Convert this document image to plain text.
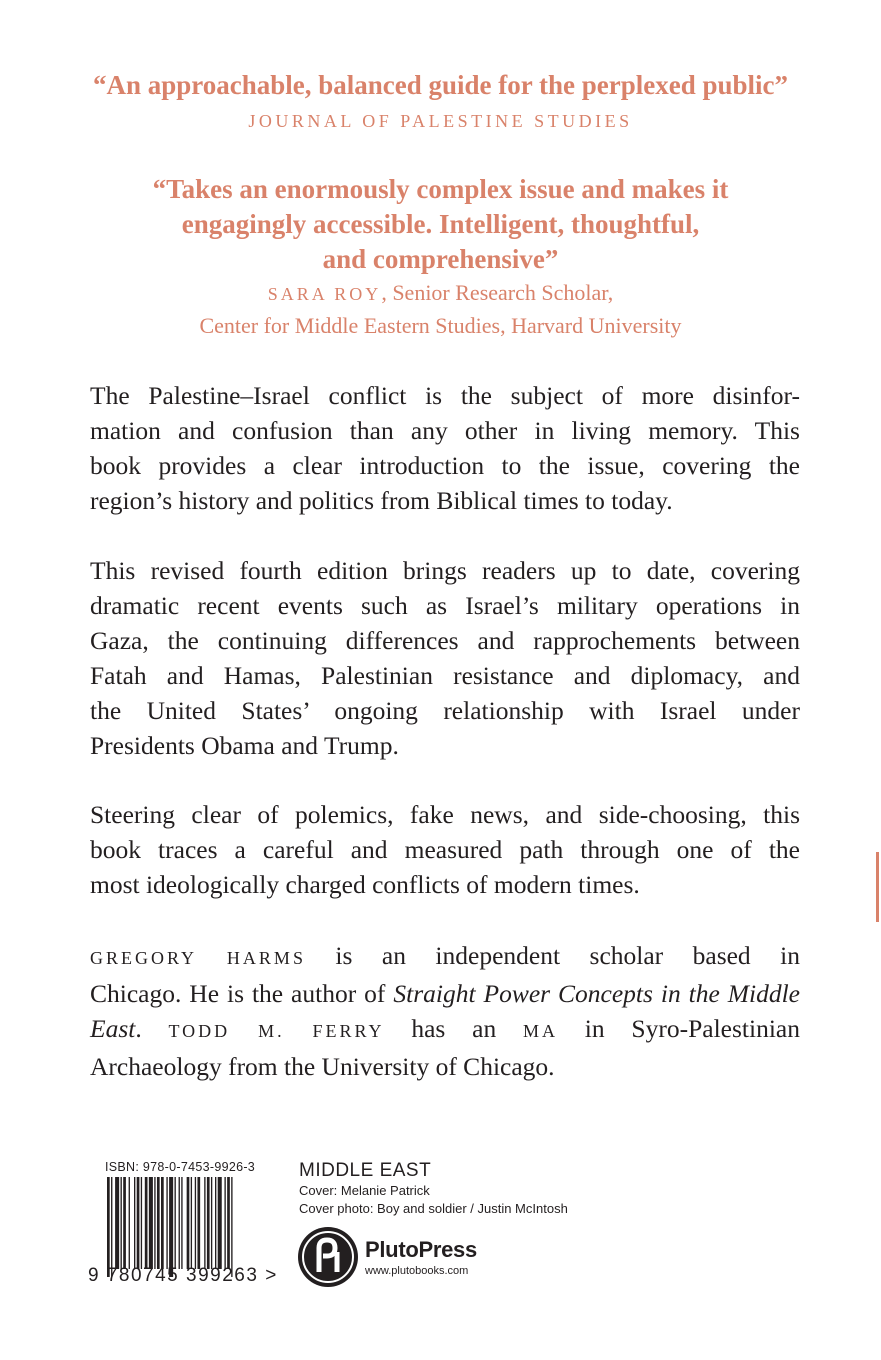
“An approachable, balanced guide for the perplexed public”
JOURNAL OF PALESTINE STUDIES
“Takes an enormously complex issue and makes it
engagingly accessible. Intelligent, thoughtful,
and comprehensive”
SARA ROY, Senior Research Scholar,
Center for Middle Eastern Studies, Harvard University
The Palestine–Israel conflict is the subject of more disinfor-
mation and confusion than any other in living memory. This
book provides a clear introduction to the issue, covering the
region’s history and politics from Biblical times to today.
This revised fourth edition brings readers up to date, covering
dramatic recent events such as Israel’s military operations in
Gaza, the continuing differences and rapprochements between
Fatah and Hamas, Palestinian resistance and diplomacy, and
the United States’ ongoing relationship with Israel under
Presidents Obama and Trump.
Steering clear of polemics, fake news, and side-choosing, this
book traces a careful and measured path through one of the
most ideologically charged conflicts of modern times.
GREGORY HARMS is an independent scholar based in
Chicago. He is the author of Straight Power Concepts in the Middle
East. TODD M. FERRY has an MA in Syro-Palestinian
Archaeology from the University of Chicago.
ISBN: 978-0-7453-9926-3
9 780745 399263 >
MIDDLE EAST
Cover: Melanie Patrick
Cover photo: Boy and soldier / Justin McIntosh
PlutoPress
www.plutobooks.com
